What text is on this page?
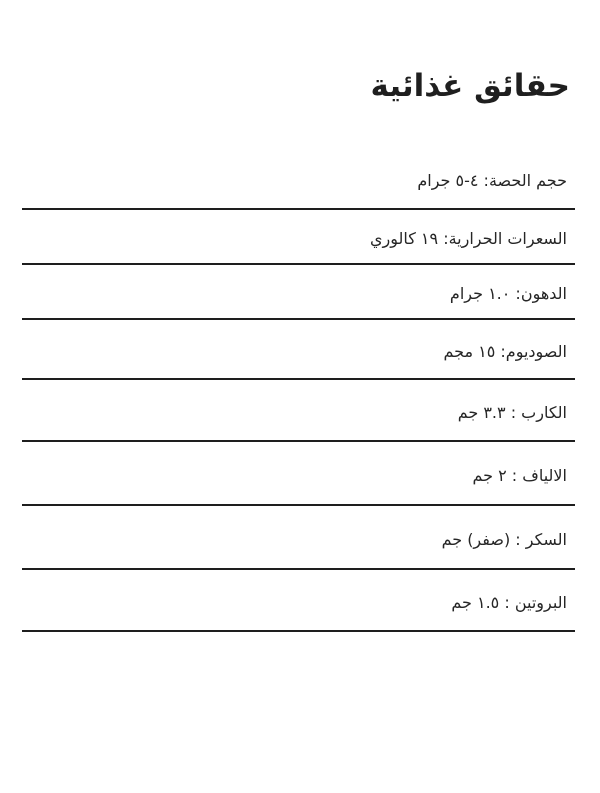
حقائق غذائية
حجم الحصة: ٤-٥ جرام
السعرات الحرارية: ١٩ كالوري
الدهون: ١.٠ جرام
الصوديوم: ١٥ مجم
الكارب : ٣.٣ جم
الالياف : ٢ جم
السكر : (صفر) جم
البروتين : ١.٥ جم
